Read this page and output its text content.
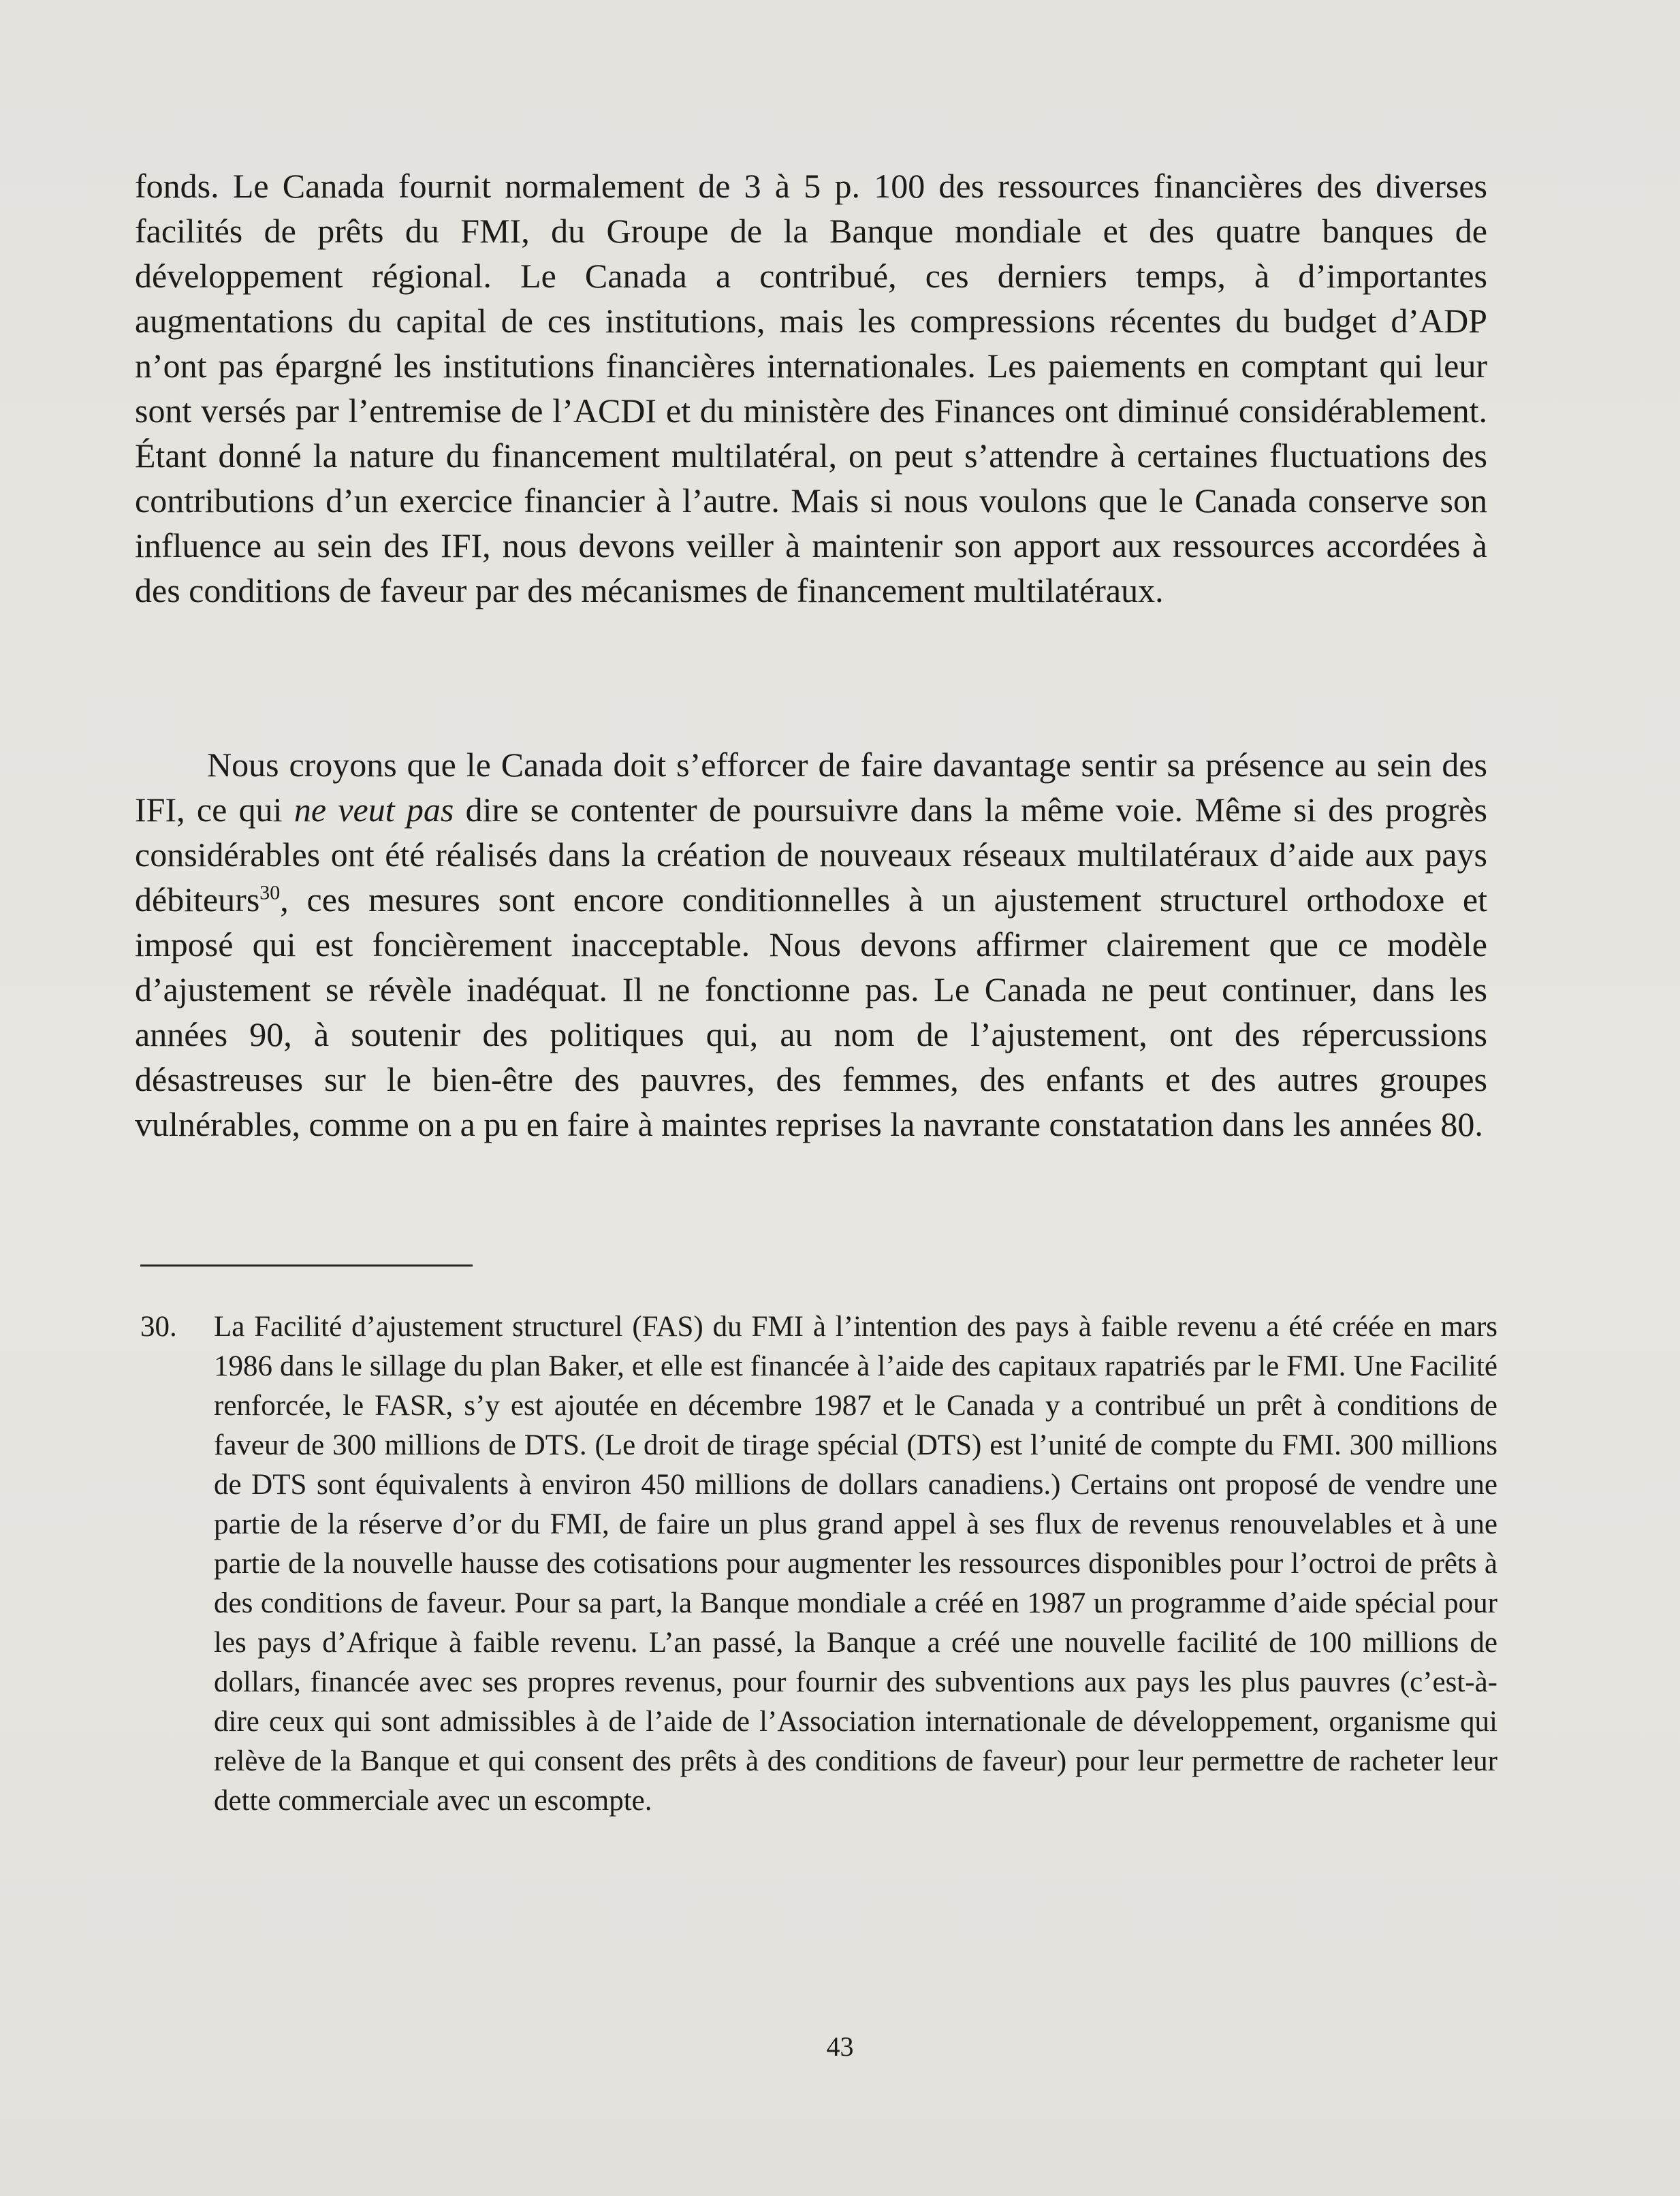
fonds. Le Canada fournit normalement de 3 à 5 p. 100 des ressources financières des diverses facilités de prêts du FMI, du Groupe de la Banque mondiale et des quatre banques de développement régional. Le Canada a contribué, ces derniers temps, à d’importantes augmentations du capital de ces institutions, mais les compressions récentes du budget d’ADP n’ont pas épargné les institutions financières internationales. Les paiements en comptant qui leur sont versés par l’entremise de l’ACDI et du ministère des Finances ont diminué considérablement. Étant donné la nature du financement multilatéral, on peut s’attendre à certaines fluctuations des contributions d’un exercice financier à l’autre. Mais si nous voulons que le Canada conserve son influence au sein des IFI, nous devons veiller à maintenir son apport aux ressources accordées à des conditions de faveur par des mécanismes de financement multilatéraux.

Nous croyons que le Canada doit s’efforcer de faire davantage sentir sa présence au sein des IFI, ce qui ne veut pas dire se contenter de poursuivre dans la même voie. Même si des progrès considérables ont été réalisés dans la création de nouveaux réseaux multilatéraux d’aide aux pays débiteurs$^{30}$, ces mesures sont encore conditionnelles à un ajustement structurel orthodoxe et imposé qui est foncièrement inacceptable. Nous devons affirmer clairement que ce modèle d’ajustement se révèle inadéquat. Il ne fonctionne pas. Le Canada ne peut continuer, dans les années 90, à soutenir des politiques qui, au nom de l’ajustement, ont des répercussions désastreuses sur le bien-être des pauvres, des femmes, des enfants et des autres groupes vulnérables, comme on a pu en faire à maintes reprises la navrante constatation dans les années 80.

30.	La Facilité d’ajustement structurel (FAS) du FMI à l’intention des pays à faible revenu a été créée en mars 1986 dans le sillage du plan Baker, et elle est financée à l’aide des capitaux rapatriés par le FMI. Une Facilité renforcée, le FASR, s’y est ajoutée en décembre 1987 et le Canada y a contribué un prêt à conditions de faveur de 300 millions de DTS. (Le droit de tirage spécial (DTS) est l’unité de compte du FMI. 300 millions de DTS sont équivalents à environ 450 millions de dollars canadiens.) Certains ont proposé de vendre une partie de la réserve d’or du FMI, de faire un plus grand appel à ses flux de revenus renouvelables et à une partie de la nouvelle hausse des cotisations pour augmenter les ressources disponibles pour l’octroi de prêts à des conditions de faveur. Pour sa part, la Banque mondiale a créé en 1987 un programme d’aide spécial pour les pays d’Afrique à faible revenu. L’an passé, la Banque a créé une nouvelle facilité de 100 millions de dollars, financée avec ses propres revenus, pour fournir des subventions aux pays les plus pauvres (c’est-à-dire ceux qui sont admissibles à de l’aide de l’Association internationale de développement, organisme qui relève de la Banque et qui consent des prêts à des conditions de faveur) pour leur permettre de racheter leur dette commerciale avec un escompte.
43
